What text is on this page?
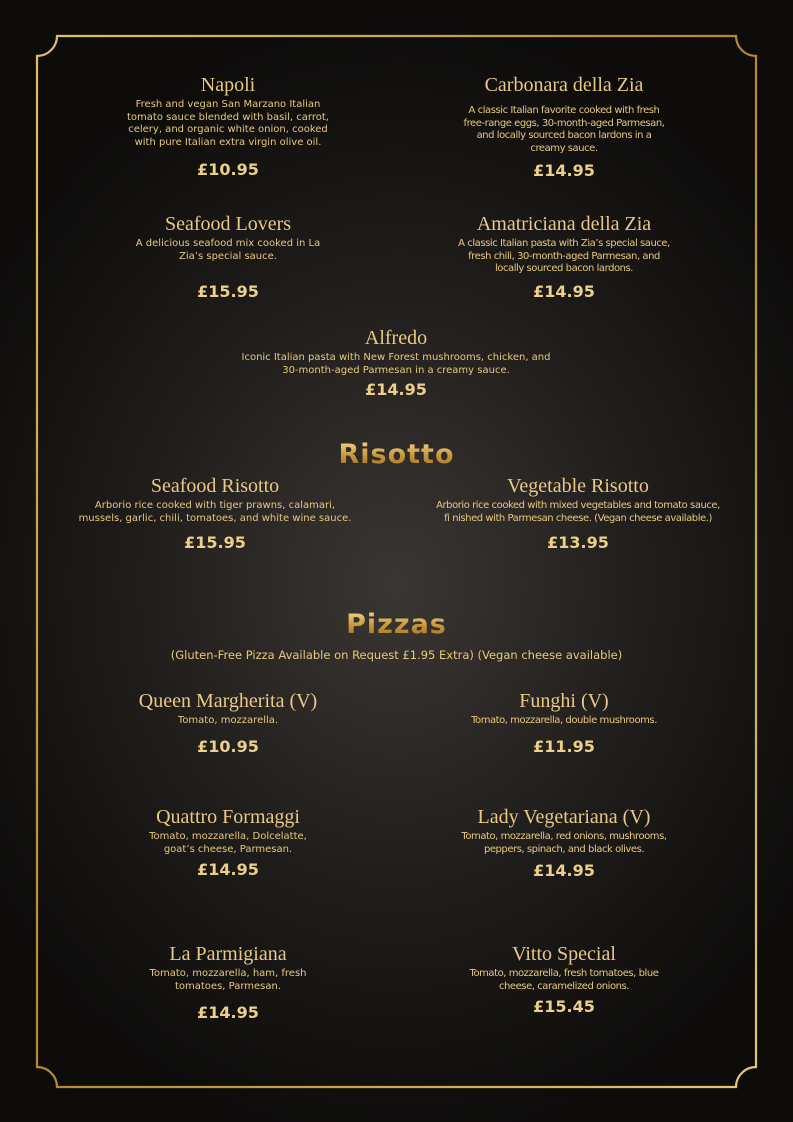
Napoli
Fresh and vegan San Marzano Italian tomato sauce blended with basil, carrot, celery, and organic white onion, cooked with pure Italian extra virgin olive oil.
£10.95
Carbonara della Zia
A classic Italian favorite cooked with fresh free-range eggs, 30-month-aged Parmesan, and locally sourced bacon lardons in a creamy sauce.
£14.95
Seafood Lovers
A delicious seafood mix cooked in La Zia’s special sauce.
£15.95
Amatriciana della Zia
A classic Italian pasta with Zia’s special sauce, fresh chili, 30-month-aged Parmesan, and locally sourced bacon lardons.
£14.95
Alfredo
Iconic Italian pasta with New Forest mushrooms, chicken, and 30-month-aged Parmesan in a creamy sauce.
£14.95
Risotto
Seafood Risotto
Arborio rice cooked with tiger prawns, calamari, mussels, garlic, chili, tomatoes, and white wine sauce.
£15.95
Vegetable Risotto
Arborio rice cooked with mixed vegetables and tomato sauce, fi nished with Parmesan cheese. (Vegan cheese available.)
£13.95
Pizzas
(Gluten-Free Pizza Available on Request £1.95 Extra) (Vegan cheese available)
Queen Margherita (V)
Tomato, mozzarella.
£10.95
Funghi (V)
Tomato, mozzarella, double mushrooms.
£11.95
Quattro Formaggi
Tomato, mozzarella, Dolcelatte, goat’s cheese, Parmesan.
£14.95
Lady Vegetariana (V)
Tomato, mozzarella, red onions, mushrooms, peppers, spinach, and black olives.
£14.95
La Parmigiana
Tomato, mozzarella, ham, fresh tomatoes, Parmesan.
£14.95
Vitto Special
Tomato, mozzarella, fresh tomatoes, blue cheese, caramelized onions.
£15.45
